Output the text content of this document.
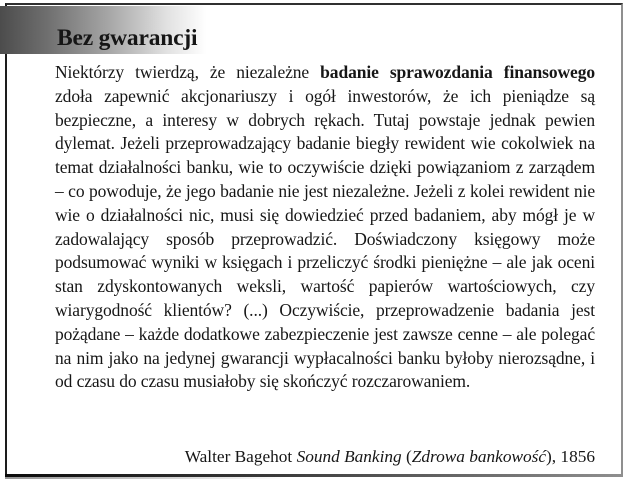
Bez gwarancji
Niektórzy twierdzą, że niezależne badanie sprawozdania finansowego zdoła zapewnić akcjonariuszy i ogół inwestorów, że ich pieniądze są bezpieczne, a interesy w dobrych rękach. Tutaj powstaje jednak pewien dylemat. Jeżeli przeprowadzający badanie biegły rewident wie cokolwiek na temat działalności banku, wie to oczywiście dzięki powiązaniom z zarządem – co powoduje, że jego badanie nie jest niezależne. Jeżeli z kolei rewident nie wie o działalności nic, musi się dowiedzieć przed badaniem, aby mógł je w zadowalający sposób przeprowadzić. Doświadczony księgowy może podsumować wyniki w księgach i przeliczyć środki pieniężne – ale jak oceni stan zdyskontowanych weksli, wartość papierów wartościowych, czy wiarygodność klientów? (...) Oczywiście, przeprowadzenie badania jest pożądane – każde dodatkowe zabezpieczenie jest zawsze cenne – ale polegać na nim jako na jedynej gwarancji wypłacalności banku byłoby nierozsądne, i od czasu do czasu musiałoby się skończyć rozczarowaniem.
Walter Bagehot Sound Banking (Zdrowa bankowość), 1856
